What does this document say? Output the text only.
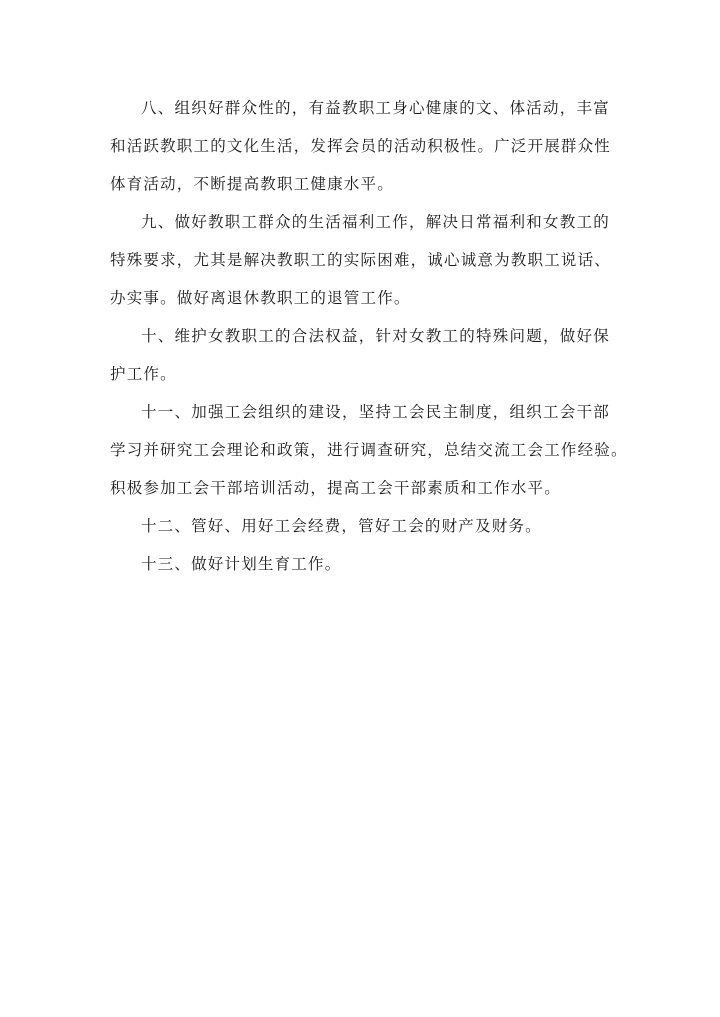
八、组织好群众性的，有益教职工身心健康的文、体活动，丰富
和活跃教职工的文化生活，发挥会员的活动积极性。广泛开展群众性
体育活动，不断提高教职工健康水平。
九、做好教职工群众的生活福利工作，解决日常福利和女教工的
特殊要求，尤其是解决教职工的实际困难，诚心诚意为教职工说话、
办实事。做好离退休教职工的退管工作。
十、维护女教职工的合法权益，针对女教工的特殊问题，做好保
护工作。
十一、加强工会组织的建设，坚持工会民主制度，组织工会干部
学习并研究工会理论和政策，进行调查研究，总结交流工会工作经验。
积极参加工会干部培训活动，提高工会干部素质和工作水平。
十二、管好、用好工会经费，管好工会的财产及财务。
十三、做好计划生育工作。
